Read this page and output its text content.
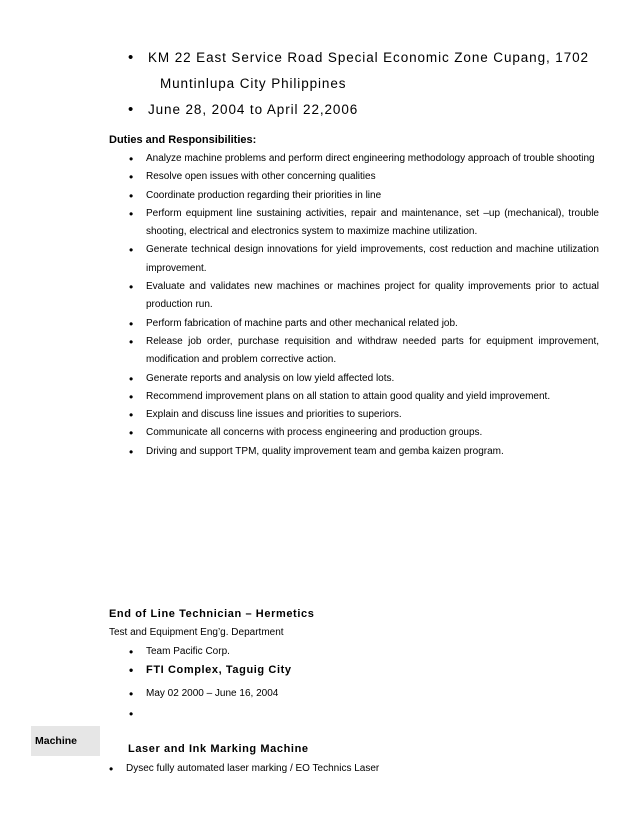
• KM 22 East Service Road Special Economic Zone Cupang, 1702
Muntinlupa City Philippines
• June 28, 2004 to April 22,2006
Duties and Responsibilities:
• Analyze machine problems and perform direct engineering methodology approach of trouble shooting
• Resolve open issues with other concerning qualities
• Coordinate production regarding their priorities in line
• Perform equipment line sustaining activities, repair and maintenance, set –up (mechanical), trouble shooting, electrical and electronics system to maximize machine utilization.
• Generate technical design innovations for yield improvements, cost reduction and machine utilization improvement.
• Evaluate and validates new machines or machines project for quality improvements prior to actual production run.
• Perform fabrication of machine parts and other mechanical related job.
• Release job order, purchase requisition and withdraw needed parts for equipment improvement, modification and problem corrective action.
• Generate reports and analysis on low yield affected lots.
• Recommend improvement plans on all station to attain good quality and yield improvement.
• Explain and discuss line issues and priorities to superiors.
• Communicate all concerns with process engineering and production groups.
• Driving and support TPM, quality improvement team and gemba kaizen program.
End of Line Technician – Hermetics
Test and Equipment Eng’g. Department
• Team Pacific Corp.
• FTI Complex, Taguig City
• May 02 2000 – June 16, 2004
•
Machine
Laser and Ink Marking Machine
• Dysec fully automated laser marking / EO Technics Laser
